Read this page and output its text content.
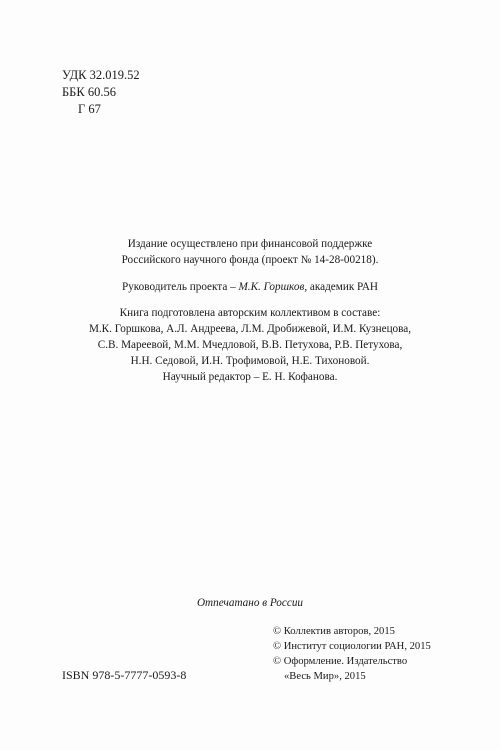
УДК 32.019.52
ББК 60.56
Г 67
Издание осуществлено при финансовой поддержке
Российского научного фонда (проект № 14-28-00218).
Руководитель проекта – М.К. Горшков, академик РАН
Книга подготовлена авторским коллективом в составе:
М.К. Горшкова, А.Л. Андреева, Л.М. Дробижевой, И.М. Кузнецова,
С.В. Мареевой, М.М. Мчедловой, В.В. Петухова, Р.В. Петухова,
Н.Н. Седовой, И.Н. Трофимовой, Н.Е. Тихоновой.
Научный редактор – Е. Н. Кофанова.
Отпечатано в России
© Коллектив авторов, 2015
© Институт социологии РАН, 2015
© Оформление. Издательство
«Весь Мир», 2015
ISBN 978-5-7777-0593-8
